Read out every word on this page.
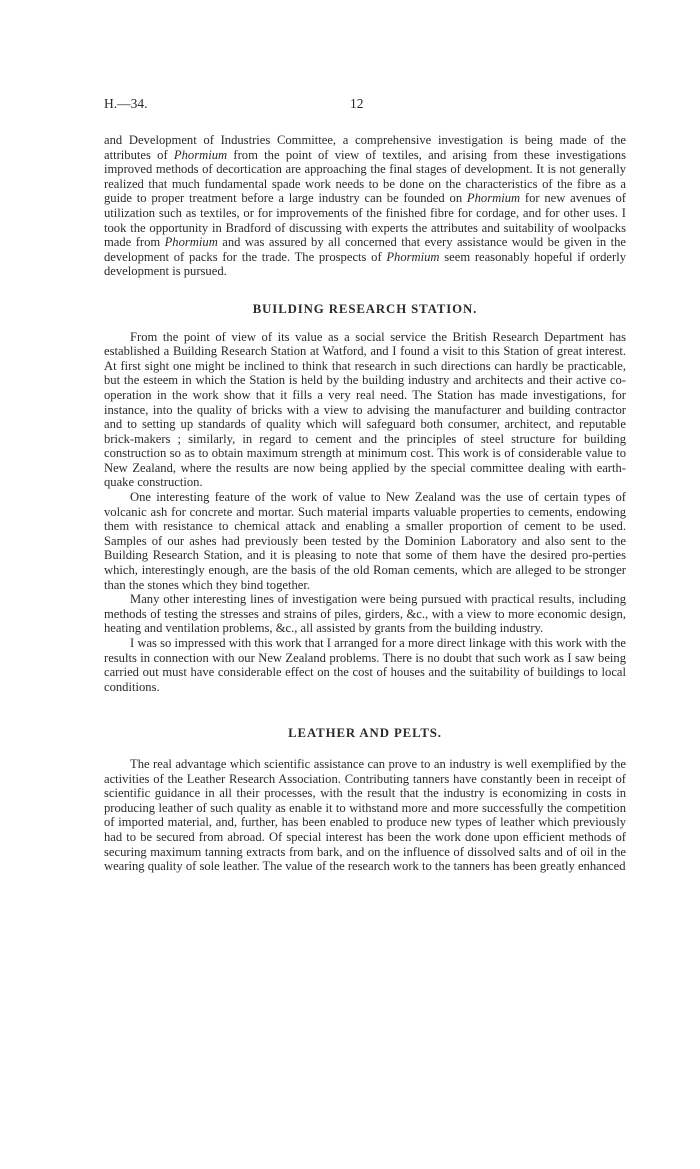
H.—34.	12

and Development of Industries Committee, a comprehensive investigation is being made of the attributes of Phormium from the point of view of textiles, and arising from these investigations improved methods of decortication are approaching the final stages of development. It is not generally realized that much fundamental spade work needs to be done on the characteristics of the fibre as a guide to proper treatment before a large industry can be founded on Phormium for new avenues of utilization such as textiles, or for improvements of the finished fibre for cordage, and for other uses. I took the opportunity in Bradford of discussing with experts the attributes and suitability of woolpacks made from Phormium and was assured by all concerned that every assistance would be given in the development of packs for the trade. The prospects of Phormium seem reasonably hopeful if orderly development is pursued.

BUILDING RESEARCH STATION.

From the point of view of its value as a social service the British Research Department has established a Building Research Station at Watford, and I found a visit to this Station of great interest. At first sight one might be inclined to think that research in such directions can hardly be practicable, but the esteem in which the Station is held by the building industry and architects and their active co-operation in the work show that it fills a very real need. The Station has made investigations, for instance, into the quality of bricks with a view to advising the manufacturer and building contractor and to setting up standards of quality which will safeguard both consumer, architect, and reputable brick-makers ; similarly, in regard to cement and the principles of steel structure for building construction so as to obtain maximum strength at minimum cost. This work is of considerable value to New Zealand, where the results are now being applied by the special committee dealing with earth-quake construction.

One interesting feature of the work of value to New Zealand was the use of certain types of volcanic ash for concrete and mortar. Such material imparts valuable properties to cements, endowing them with resistance to chemical attack and enabling a smaller proportion of cement to be used. Samples of our ashes had previously been tested by the Dominion Laboratory and also sent to the Building Research Station, and it is pleasing to note that some of them have the desired pro-perties which, interestingly enough, are the basis of the old Roman cements, which are alleged to be stronger than the stones which they bind together.

Many other interesting lines of investigation were being pursued with practical results, including methods of testing the stresses and strains of piles, girders, &c., with a view to more economic design, heating and ventilation problems, &c., all assisted by grants from the building industry.

I was so impressed with this work that I arranged for a more direct linkage with this work with the results in connection with our New Zealand problems. There is no doubt that such work as I saw being carried out must have considerable effect on the cost of houses and the suitability of buildings to local conditions.

LEATHER AND PELTS.

The real advantage which scientific assistance can prove to an industry is well exemplified by the activities of the Leather Research Association. Contributing tanners have constantly been in receipt of scientific guidance in all their processes, with the result that the industry is economizing in costs in producing leather of such quality as enable it to withstand more and more successfully the competition of imported material, and, further, has been enabled to produce new types of leather which previously had to be secured from abroad. Of special interest has been the work done upon efficient methods of securing maximum tanning extracts from bark, and on the influence of dissolved salts and of oil in the wearing quality of sole leather. The value of the research work to the tanners has been greatly enhanced
